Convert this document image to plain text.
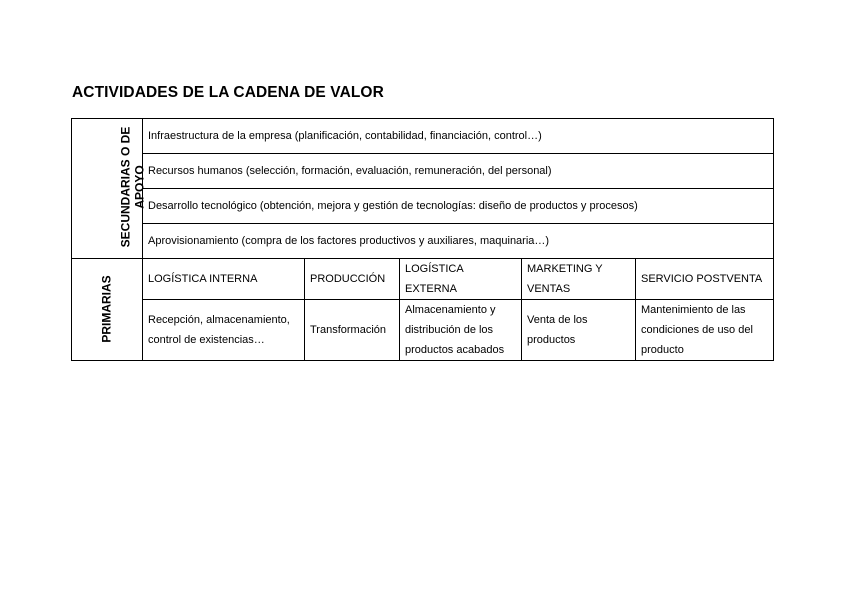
ACTIVIDADES DE LA CADENA DE VALOR
SECUNDARIAS O DE APOYO	Infraestructura de la empresa (planificación, contabilidad, financiación, control…)				
	Recursos humanos (selección, formación, evaluación, remuneración, del personal)				
	Desarrollo tecnológico (obtención, mejora y gestión de tecnologías: diseño de productos y procesos)				
	Aprovisionamiento (compra de los factores productivos y auxiliares, maquinaria…)				
PRIMARIAS	LOGÍSTICA INTERNA	PRODUCCIÓN	LOGÍSTICA EXTERNA	MARKETING Y VENTAS	SERVICIO POSTVENTA
	Recepción, almacenamiento, control de existencias…	Transformación	Almacenamiento y distribución de los productos acabados	Venta de los productos	Mantenimiento de las condiciones de uso del producto
